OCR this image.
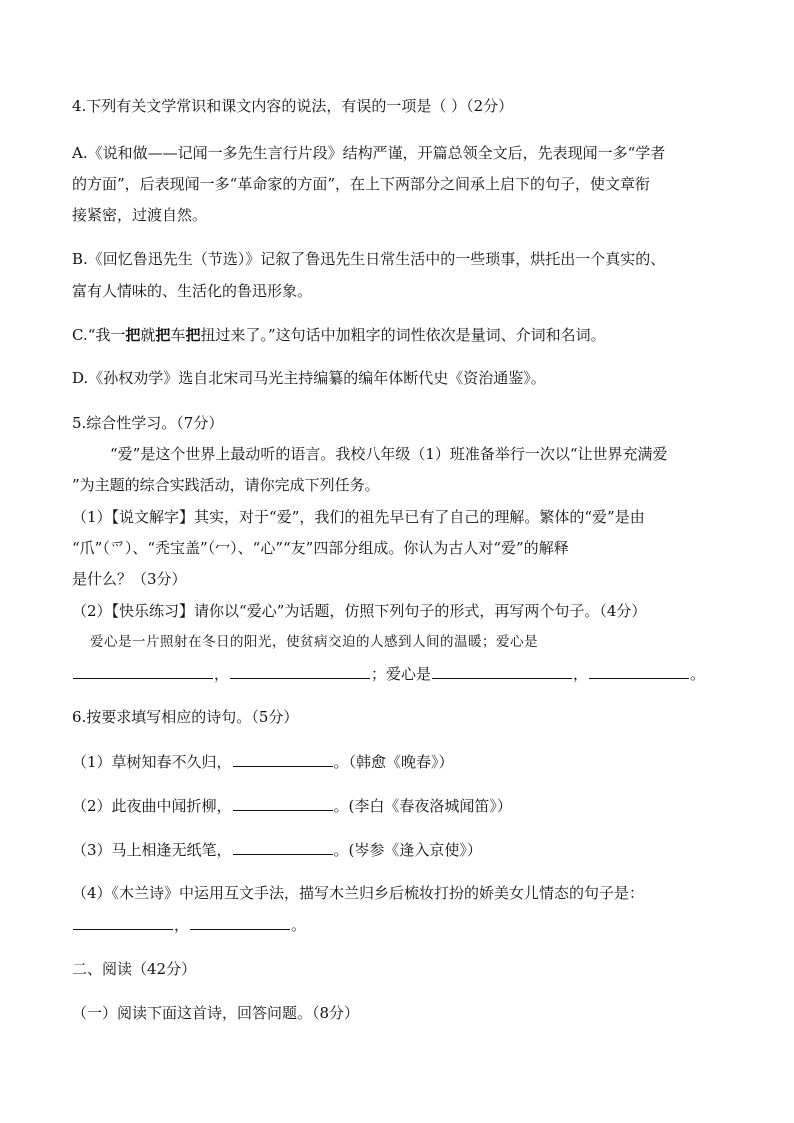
4.下列有关文学常识和课文内容的说法，有误的一项是（ ）（2分）
A.《说和做——记闻一多先生言行片段》结构严谨，开篇总领全文后，先表现闻一多“学者
的方面”，后表现闻一多“革命家的方面”，在上下两部分之间承上启下的句子，使文章衔
接紧密，过渡自然。
B.《回忆鲁迅先生（节选）》记叙了鲁迅先生日常生活中的一些琐事，烘托出一个真实的、
富有人情味的、生活化的鲁迅形象。
C.“我一把就把车把扭过来了。”这句话中加粗字的词性依次是量词、介词和名词。
D.《孙权劝学》选自北宋司马光主持编纂的编年体断代史《资治通鉴》。
5.综合性学习。（7分）
“爱”是这个世界上最动听的语言。我校八年级（1）班准备举行一次以“让世界充满爱
”为主题的综合实践活动，请你完成下列任务。
（1）【说文解字】其实，对于“爱”，我们的祖先早已有了自己的理解。繁体的“爱”是由
“爪”（爫）、“秃宝盖”（冖）、“心”“友”四部分组成。你认为古人对“爱”的解释
是什么？（3分）
（2）【快乐练习】请你以“爱心”为话题，仿照下列句子的形式，再写两个句子。（4分）
爱心是一片照射在冬日的阳光，使贫病交迫的人感到人间的温暖；爱心是
，	；爱心是	，	。
6.按要求填写相应的诗句。（5分）
（1）草树知春不久归，	。（韩愈《晚春》）
（2）此夜曲中闻折柳，	。(李白《春夜洛城闻笛》）
（3）马上相逢无纸笔，	。(岑参《逢入京使》）
（4）《木兰诗》中运用互文手法，描写木兰归乡后梳妆打扮的娇美女儿情态的句子是：
，	。
二、阅读（42分）
（一）阅读下面这首诗，回答问题。（8分）
